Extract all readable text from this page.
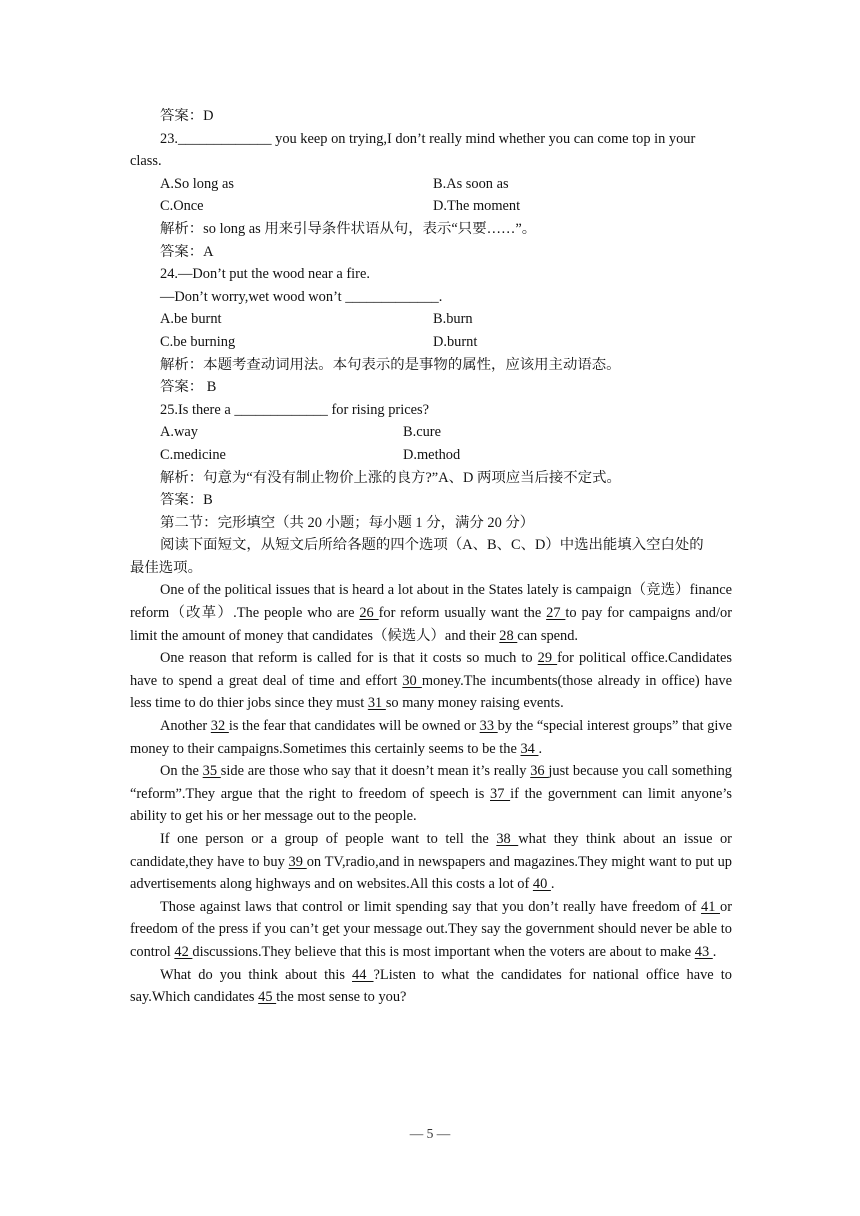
答案：D
23._____________ you keep on trying,I don’t really mind whether you can come top in your
class.
A.So long as	B.As soon as
C.Once	D.The moment
解析：so long as 用来引导条件状语从句，表示“只要……”。
答案：A
24.—Don’t put the wood near a fire.
—Don’t worry,wet wood won’t _____________.
A.be burnt	B.burn
C.be burning	D.burnt
解析：本题考查动词用法。本句表示的是事物的属性，应该用主动语态。
答案： B
25.Is there a _____________ for rising prices?
A.way	B.cure
C.medicine	D.method
解析：句意为“有没有制止物价上涨的良方?”A、D 两项应当后接不定式。
答案：B
第二节：完形填空（共 20 小题；每小题 1 分，满分 20 分）
阅读下面短文，从短文后所给各题的四个选项（A、B、C、D）中选出能填入空白处的
最佳选项。
One of the political issues that is heard a lot about in the States lately is campaign（竞选）finance reform（改革）.The people who are 26 for reform usually want the 27 to pay for campaigns and/or limit the amount of money that candidates（候选人）and their 28 can spend.
One reason that reform is called for is that it costs so much to 29 for political office.Candidates have to spend a great deal of time and effort 30 money.The incumbents(those already in office) have less time to do thier jobs since they must 31 so many money raising events.
Another 32 is the fear that candidates will be owned or 33 by the “special interest groups” that give money to their campaigns.Sometimes this certainly seems to be the 34 .
On the 35 side are those who say that it doesn’t mean it’s really 36 just because you call something “reform”.They argue that the right to freedom of speech is 37 if the government can limit anyone’s ability to get his or her message out to the people.
If one person or a group of people want to tell the 38 what they think about an issue or candidate,they have to buy 39 on TV,radio,and in newspapers and magazines.They might want to put up advertisements along highways and on websites.All this costs a lot of 40 .
Those against laws that control or limit spending say that you don’t really have freedom of 41 or freedom of the press if you can’t get your message out.They say the government should never be able to control 42 discussions.They believe that this is most important when the voters are about to make 43 .
What do you think about this 44 ?Listen to what the candidates for national office have to say.Which candidates 45 the most sense to you?
— 5 —
